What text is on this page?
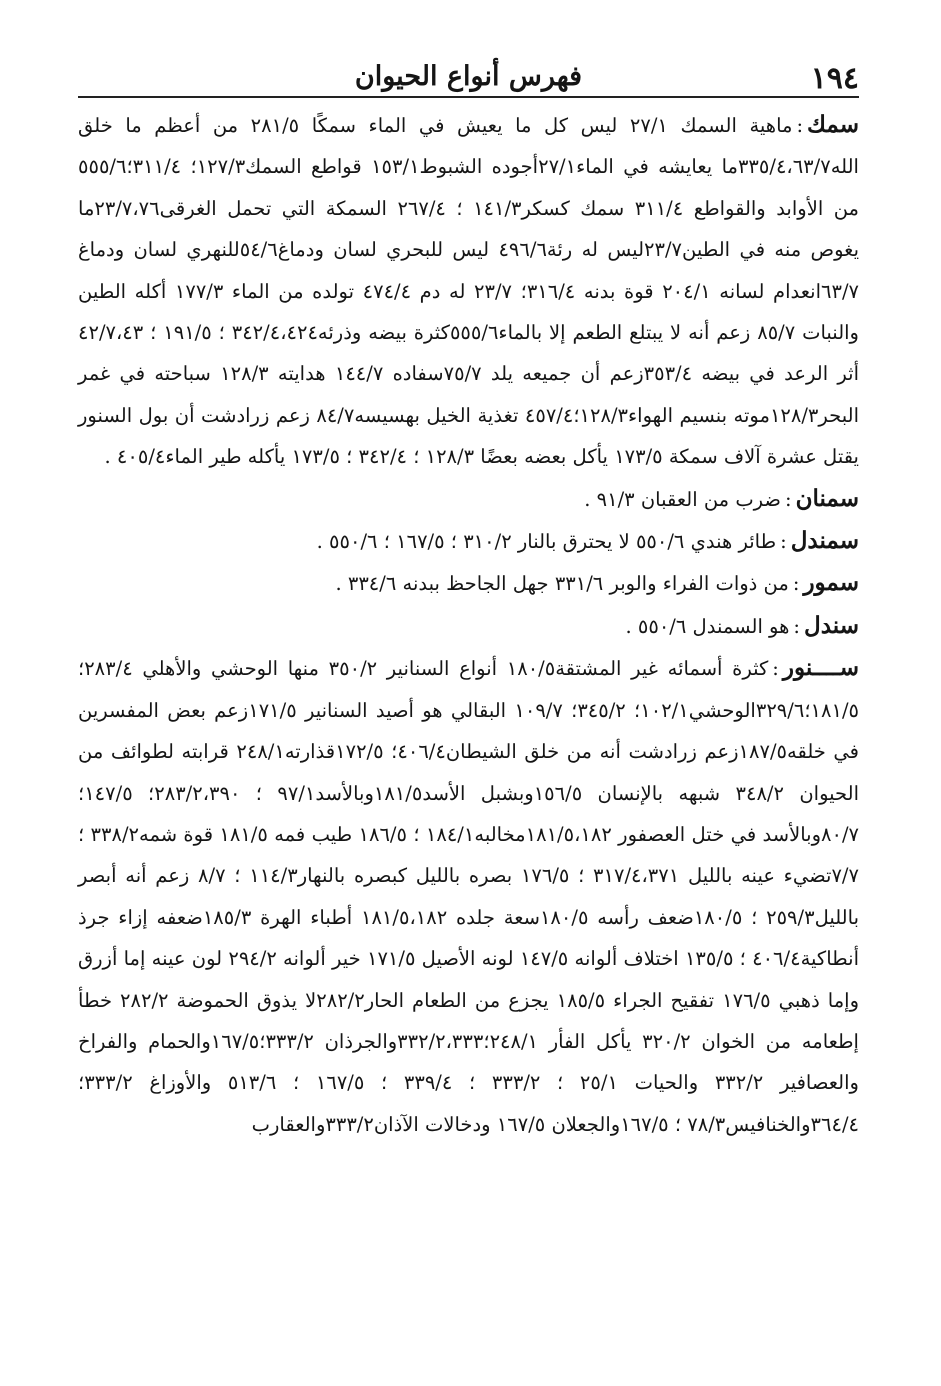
١٩٤
فهرس أنواع الحيوان
سمك:ماهية السمك ٢٧/١ ليس كل ما يعيش في الماء سمكًا ٢٨١/٥ من أعظم ما خلق الله٣٣٥/٤،٦٣/٧ما يعايشه في الماء٢٧/١أجوده الشبوط١٥٣/١ قواطع السمك١٢٧/٣؛ ٣١١/٤؛٥٥٥/٦ من الأوابد والقواطع ٣١١/٤ سمك كسكر١٤١/٣ ؛ ٢٦٧/٤ السمكة التي تحمل الغرقى٢٣/٧،٧٦ما يغوص منه في الطين٢٣/٧ليس له رئة٤٩٦/٦ ليس للبحري لسان ودماغ٥٤/٦للنهري لسان ودماغ ٦٣/٧انعدام لسانه ٢٠٤/١ قوة بدنه ٣١٦/٤؛ ٢٣/٧ له دم ٤٧٤/٤ تولده من الماء ١٧٧/٣ أكله الطين والنبات ٨٥/٧ زعم أنه لا يبتلع الطعم إلا بالماء٥٥٥/٦كثرة بيضه وذرئه٣٤٢/٤،٤٢٤ ؛ ١٩١/٥ ؛ ٤٢/٧،٤٣ أثر الرعد في بيضه ٣٥٣/٤زعم أن جميعه يلد ٧٥/٧سفاده ١٤٤/٧ هدايته ١٢٨/٣ سباحته في غمر البحر١٢٨/٣موته بنسيم الهواء١٢٨/٣؛٤٥٧/٤ تغذية الخيل بهسيسه٨٤/٧ زعم زرادشت أن بول السنور يقتل عشرة آلاف سمكة ١٧٣/٥ يأكل بعضه بعضًا ١٢٨/٣ ؛ ٣٤٢/٤ ؛ ١٧٣/٥ يأكله طير الماء٤٠٥/٤ .
سمنان:ضرب من العقبان ٩١/٣ .
سمندل:طائر هندي ٥٥٠/٦ لا يحترق بالنار ٣١٠/٢ ؛ ١٦٧/٥ ؛ ٥٥٠/٦ .
سمور:من ذوات الفراء والوبر ٣٣١/٦ جهل الجاحظ ببدنه ٣٣٤/٦ .
سندل:هو السمندل ٥٥٠/٦ .
ســــنور:كثرة أسمائه غير المشتقة١٨٠/٥ أنواع السنانير ٣٥٠/٢ منها الوحشي والأهلي ٢٨٣/٤؛١٨١/٥؛٣٢٩/٦الوحشي١٠٢/١؛ ٣٤٥/٢؛ ١٠٩/٧ البقالي هو أصيد السنانير ١٧١/٥زعم بعض المفسرين في خلقه١٨٧/٥زعم زرادشت أنه من خلق الشيطان٤٠٦/٤؛ ١٧٢/٥قذارته٢٤٨/١ قرابته لطوائف من الحيوان ٣٤٨/٢ شبهه بالإنسان ١٥٦/٥وبشبل الأسد١٨١/٥وبالأسد٩٧/١ ؛ ٢٨٣/٢،٣٩٠؛ ١٤٧/٥؛٨٠/٧وبالأسد في ختل العصفور ١٨١/٥،١٨٢مخالبه١٨٤/١ ؛ ١٨٦/٥ طيب فمه ١٨١/٥ قوة شمه٣٣٨/٢ ؛ ٧/٧تضيء عينه بالليل ٣١٧/٤،٣٧١ ؛ ١٧٦/٥ بصره بالليل كبصره بالنهار١١٤/٣ ؛ ٨/٧ زعم أنه أبصر بالليل٢٥٩/٣ ؛ ١٨٠/٥ضعف رأسه ١٨٠/٥سعة جلده ١٨١/٥،١٨٢ أطباء الهرة ١٨٥/٣ضعفه إزاء جرذ أنطاكية٤٠٦/٤ ؛ ١٣٥/٥ اختلاف ألوانه ١٤٧/٥ لونه الأصيل ١٧١/٥ خير ألوانه ٢٩٤/٢ لون عينه إما أزرق وإما ذهبي ١٧٦/٥ تفقيح الجراء ١٨٥/٥ يجزع من الطعام الحار٢٨٢/٢لا يذوق الحموضة ٢٨٢/٢ خطأ إطعامه من الخوان ٣٢٠/٢ يأكل الفأر ٢٤٨/١؛٣٣٢/٢،٣٣٣والجرذان ٣٣٣/٢؛١٦٧/٥والحمام والفراخ والعصافير ٣٣٢/٢ والحيات ٢٥/١ ؛ ٣٣٣/٢ ؛ ٣٣٩/٤ ؛ ١٦٧/٥ ؛ ٥١٣/٦ والأوزاغ ٣٣٣/٢؛ ٣٦٤/٤والخنافيس٧٨/٣ ؛ ١٦٧/٥والجعلان ١٦٧/٥ ودخالات الآذان٣٣٣/٢والعقارب
